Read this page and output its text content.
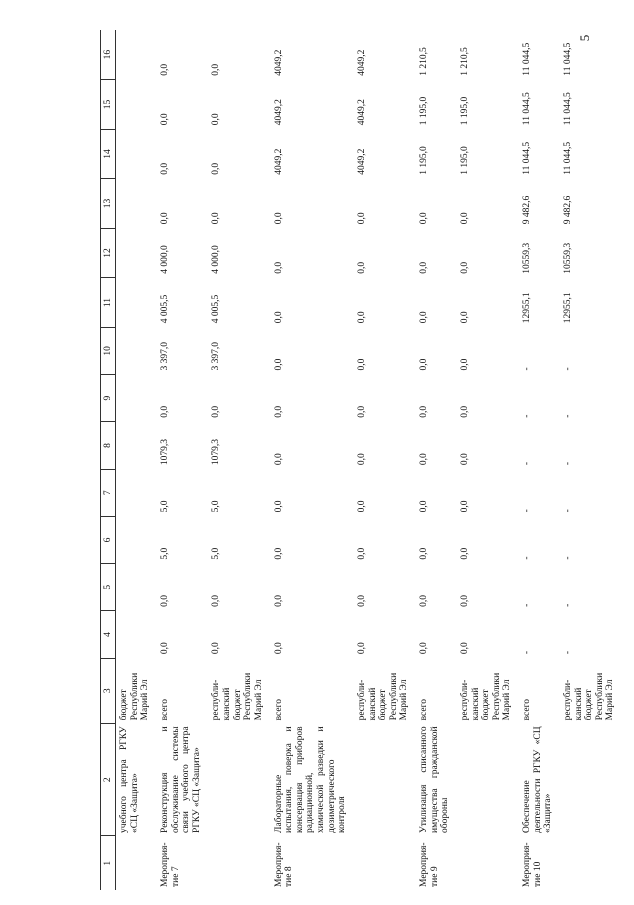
5
1	2	3	4	5	6	7	8	9	10	11	12	13	14	15	16
	учебного центра РГКУ «СЦ «Защита»	бюджет Республики Марий Эл													
Мероприя-тие 7	Реконструкция и обслуживание системы связи учебного центра РГКУ «СЦ «Защита»	всего	0,0	0,0	5,0	5,0	1079,3	0,0	3 397,0	4 005,5	4 000,0	0,0	0,0	0,0	0,0
		республи-канский бюджет Республики Марий Эл	0,0	0,0	5,0	5,0	1079,3	0,0	3 397,0	4 005,5	4 000,0	0,0	0,0	0,0	0,0
Мероприя-тие 8	Лабораторные испытания, поверка и консервация приборов радиационной, химической разведки и дозиметрического контроля	всего	0,0	0,0	0,0	0,0	0,0	0,0	0,0	0,0	0,0	0,0	4049,2	4049,2	4049,2
		республи-канский бюджет Республики Марий Эл	0,0	0,0	0,0	0,0	0,0	0,0	0,0	0,0	0,0	0,0	4049,2	4049,2	4049,2
Мероприя-тие 9	Утилизация списанного имущества гражданской обороны	всего	0,0	0,0	0,0	0,0	0,0	0,0	0,0	0,0	0,0	0,0	1 195,0	1 195,0	1 210,5
		республи-канский бюджет Республики Марий Эл	0,0	0,0	0,0	0,0	0,0	0,0	0,0	0,0	0,0	0,0	1 195,0	1 195,0	1 210,5
Мероприя-тие 10	Обеспечение деятельности РГКУ «СЦ «Защита»	всего	-	-	-	-	-	-	-	12955,1	10559,3	9 482,6	11 044,5	11 044,5	11 044,5
		республи-канский бюджет Республики Марий Эл	-	-	-	-	-	-	-	12955,1	10559,3	9 482,6	11 044,5	11 044,5	11 044,5
